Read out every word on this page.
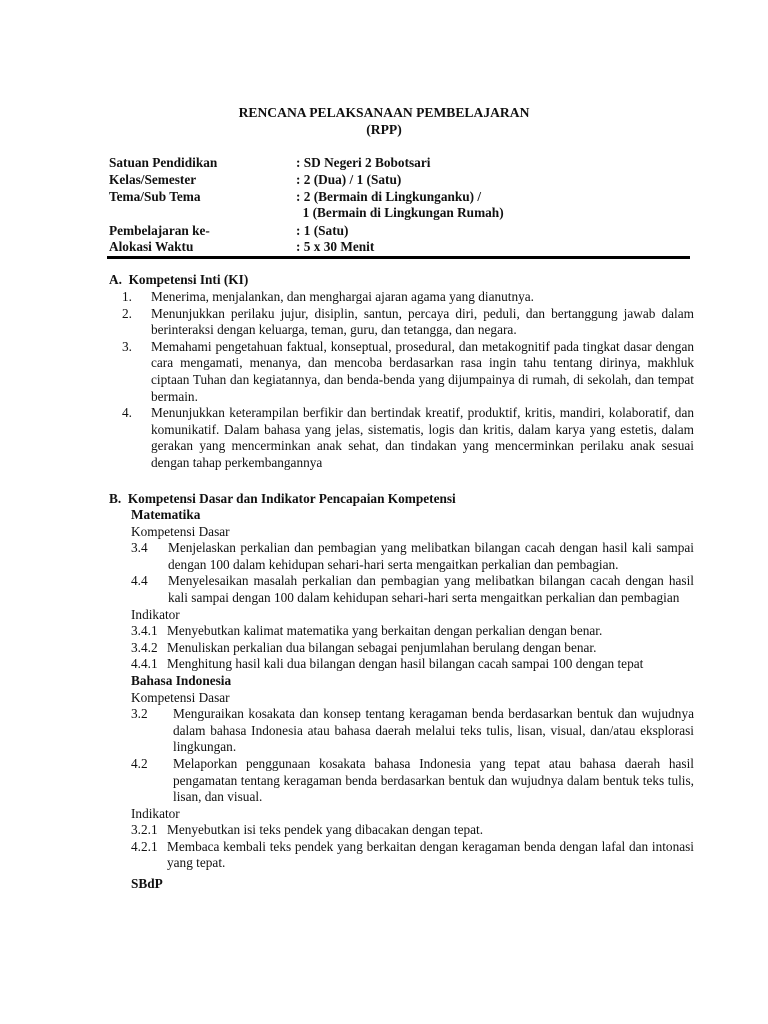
RENCANA PELAKSANAAN PEMBELAJARAN
(RPP)
Satuan Pendidikan	: SD Negeri 2 Bobotsari
Kelas/Semester	: 2 (Dua) / 1 (Satu)
Tema/Sub Tema	: 2 (Bermain di Lingkunganku) /
1 (Bermain di Lingkungan Rumah)
Pembelajaran ke-	: 1 (Satu)
Alokasi Waktu	: 5 x 30 Menit
A.  Kompetensi Inti (KI)
1. Menerima, menjalankan, dan menghargai ajaran agama yang dianutnya.
2. Menunjukkan perilaku jujur, disiplin, santun, percaya diri, peduli, dan bertanggung jawab dalam berinteraksi dengan keluarga, teman, guru, dan tetangga, dan negara.
3. Memahami pengetahuan faktual, konseptual, prosedural, dan metakognitif pada tingkat dasar dengan cara mengamati, menanya, dan mencoba berdasarkan rasa ingin tahu tentang dirinya, makhluk ciptaan Tuhan dan kegiatannya, dan benda-benda yang dijumpainya di rumah, di sekolah, dan tempat bermain.
4. Menunjukkan keterampilan berfikir dan bertindak kreatif, produktif, kritis, mandiri, kolaboratif, dan komunikatif. Dalam bahasa yang jelas, sistematis, logis dan kritis, dalam karya yang estetis, dalam gerakan yang mencerminkan anak sehat, dan tindakan yang mencerminkan perilaku anak sesuai dengan tahap perkembangannya
B.  Kompetensi Dasar dan Indikator Pencapaian Kompetensi
Matematika
Kompetensi Dasar
3.4	Menjelaskan perkalian dan pembagian yang melibatkan bilangan cacah dengan hasil kali sampai dengan 100 dalam kehidupan sehari-hari serta mengaitkan perkalian dan pembagian.
4.4	Menyelesaikan masalah perkalian dan pembagian yang melibatkan bilangan cacah dengan hasil kali sampai dengan 100 dalam kehidupan sehari-hari serta mengaitkan perkalian dan pembagian
Indikator
3.4.1 Menyebutkan kalimat matematika yang berkaitan dengan perkalian dengan benar.
3.4.2 Menuliskan perkalian dua bilangan sebagai penjumlahan berulang dengan benar.
4.4.1 Menghitung hasil kali dua bilangan dengan hasil bilangan cacah sampai 100 dengan tepat
Bahasa Indonesia
Kompetensi Dasar
3.2	Menguraikan kosakata dan konsep tentang keragaman benda berdasarkan bentuk dan wujudnya dalam bahasa Indonesia atau bahasa daerah melalui teks tulis, lisan, visual, dan/atau eksplorasi lingkungan.
4.2	Melaporkan penggunaan kosakata bahasa Indonesia yang tepat atau bahasa daerah hasil pengamatan tentang keragaman benda berdasarkan bentuk dan wujudnya dalam bentuk teks tulis, lisan, dan visual.
Indikator
3.2.1 Menyebutkan isi teks pendek yang dibacakan dengan tepat.
4.2.1 Membaca kembali teks pendek yang berkaitan dengan keragaman benda dengan lafal dan intonasi yang tepat.
SBdP
